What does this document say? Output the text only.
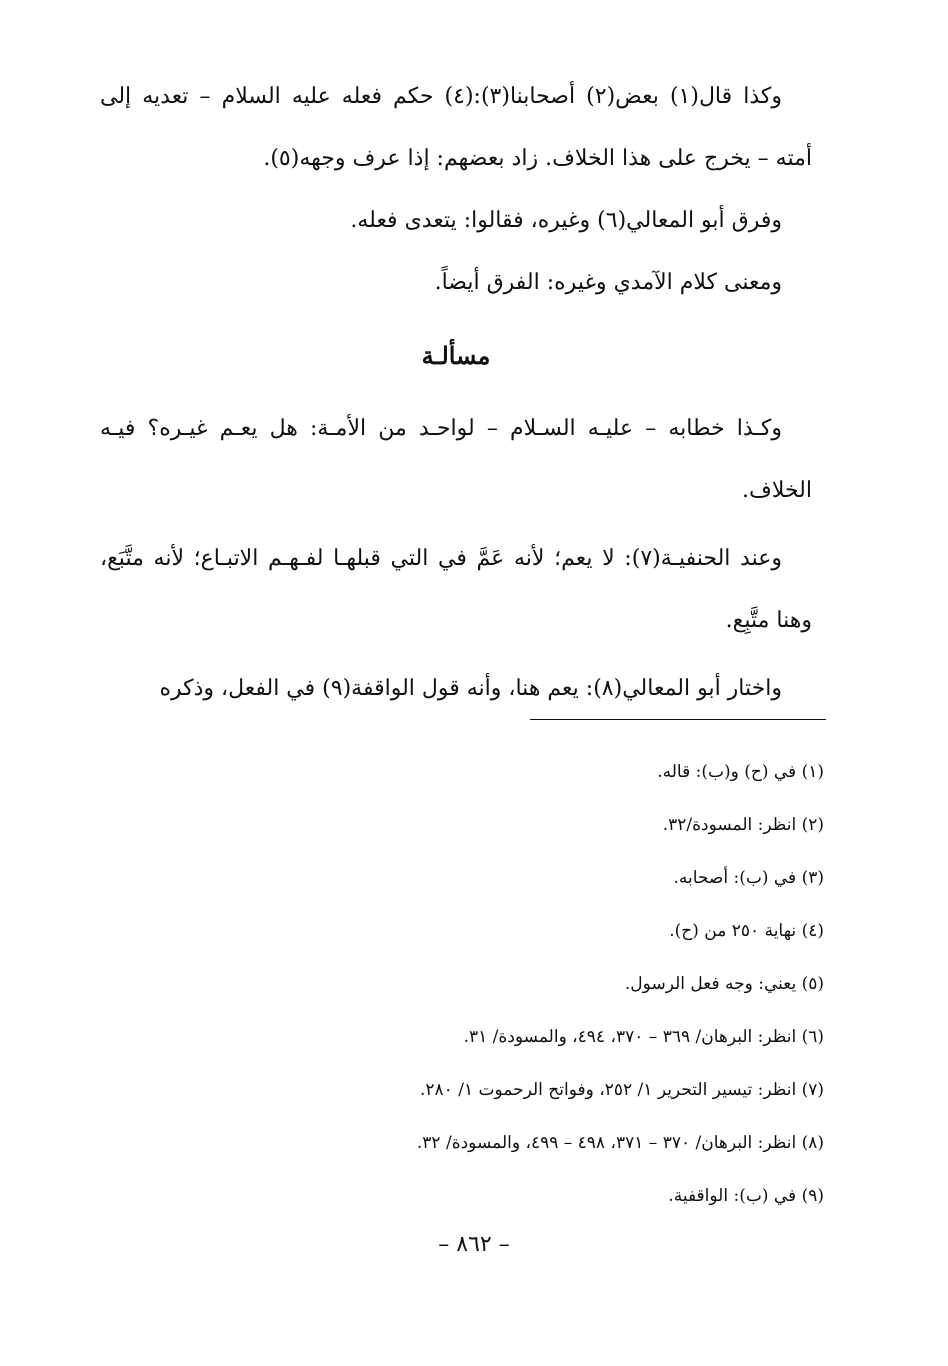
وكذا قال(١) بعض(٢) أصحابنا(٣):(٤) حكم فعله عليه السلام – تعديه إلى أمته – يخرج على هذا الخلاف. زاد بعضهم: إذا عرف وجهه(٥).

وفرق أبو المعالي(٦) وغيره، فقالوا: يتعدى فعله.

ومعنى كلام الآمدي وغيره: الفرق أيضاً.

مسألـة

وكـذا خطابه – عليـه السـلام – لواحـد من الأمـة: هل يعـم غيـره؟ فيـه الخلاف.

وعند الحنفيـة(٧): لا يعم؛ لأنه عَمَّ في التي قبلهـا لفـهـم الاتبـاع؛ لأنه متَّبَع، وهنا متَّبِع.

واختار أبو المعالي(٨): يعم هنا، وأنه قول الواقفة(٩) في الفعل، وذكره

(١) في (ح) و(ب): قاله.

(٢) انظر: المسودة/٣٢.

(٣) في (ب): أصحابه.

(٤) نهاية ٢٥٠ من (ح).

(٥) يعني: وجه فعل الرسول.

(٦) انظر: البرهان/ ٣٦٩ – ٣٧٠، ٤٩٤، والمسودة/ ٣١.

(٧) انظر: تيسير التحرير ١/ ٢٥٢، وفواتح الرحموت ١/ ٢٨٠.

(٨) انظر: البرهان/ ٣٧٠ – ٣٧١، ٤٩٨ – ٤٩٩، والمسودة/ ٣٢.

(٩) في (ب): الواقفية.

– ٨٦٢ –
